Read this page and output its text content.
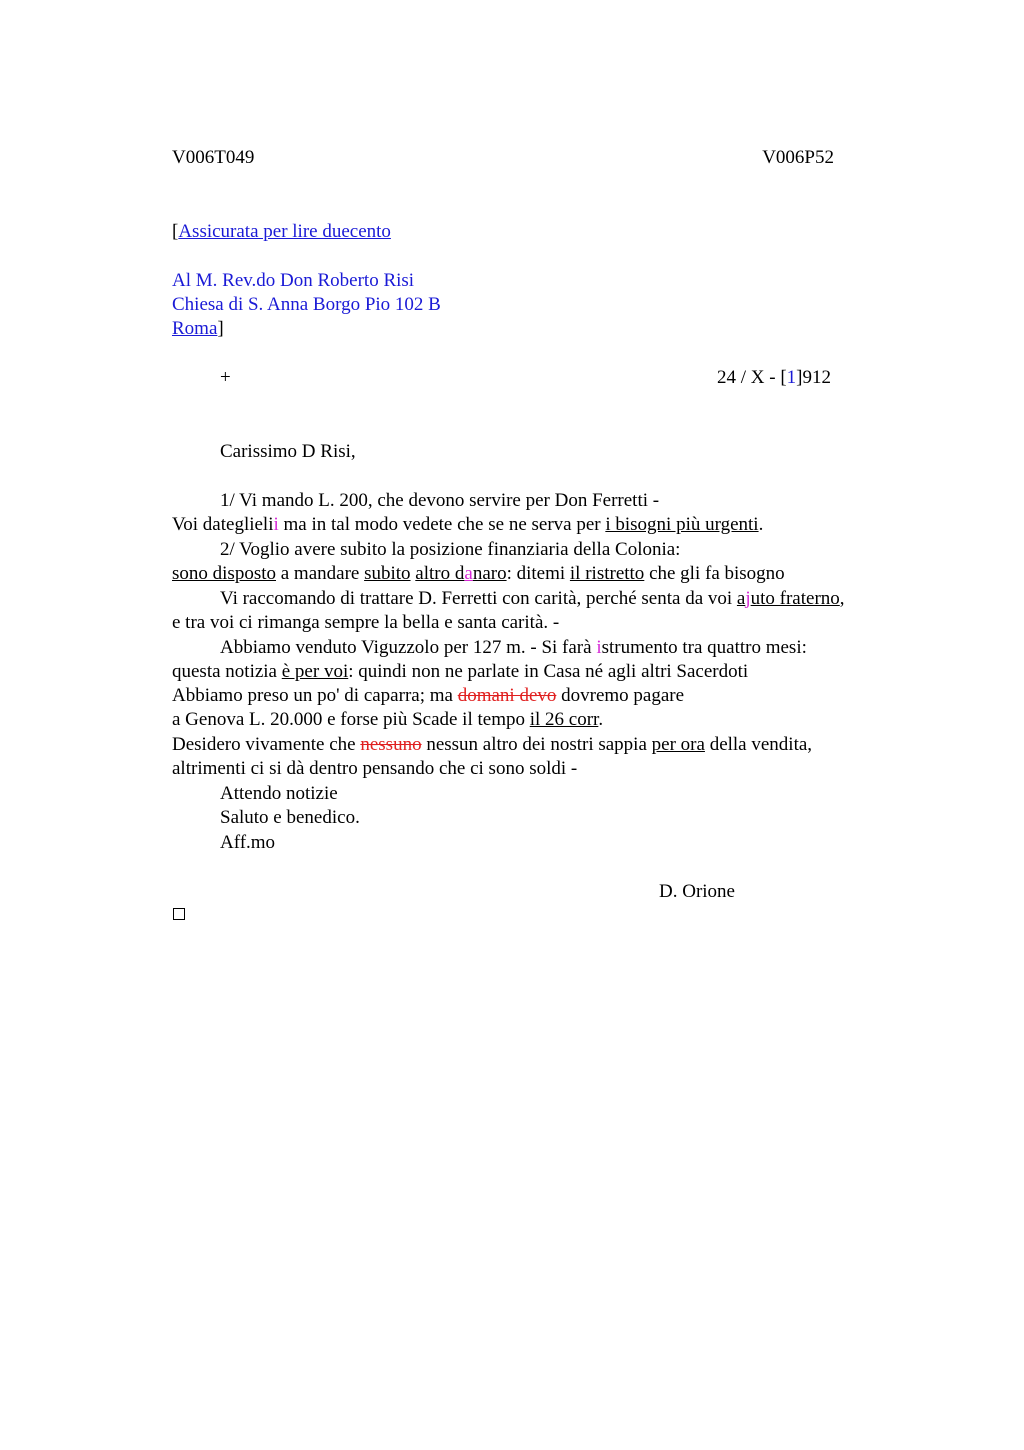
V006T049	V006P52
[Assicurata per lire duecento
Al M. Rev.do Don Roberto Risi
Chiesa di S. Anna Borgo Pio 102 B
Roma]
+	24 / X - [1]912
Carissimo D Risi,
1/ Vi mando L. 200, che devono servire per Don Ferretti -
Voi dateglielii ma in tal modo vedete che se ne serva per i bisogni più urgenti.
2/ Voglio avere subito la posizione finanziaria della Colonia:
sono disposto a mandare subito altro danaro: ditemi il ristretto che gli fa bisogno
Vi raccomando di trattare D. Ferretti con carità, perché senta da voi ajuto fraterno,
e tra voi ci rimanga sempre la bella e santa carità. -
Abbiamo venduto Viguzzolo per 127 m. - Si farà istrumento tra quattro mesi:
questa notizia è per voi: quindi non ne parlate in Casa né agli altri Sacerdoti
Abbiamo preso un po' di caparra; ma domani devo dovremo pagare
a Genova L. 20.000 e forse più Scade il tempo il 26 corr.
Desidero vivamente che nessuno nessun altro dei nostri sappia per ora della vendita,
altrimenti ci si dà dentro pensando che ci sono soldi -
Attendo notizie
Saluto e benedico.
Aff.mo
D. Orione
